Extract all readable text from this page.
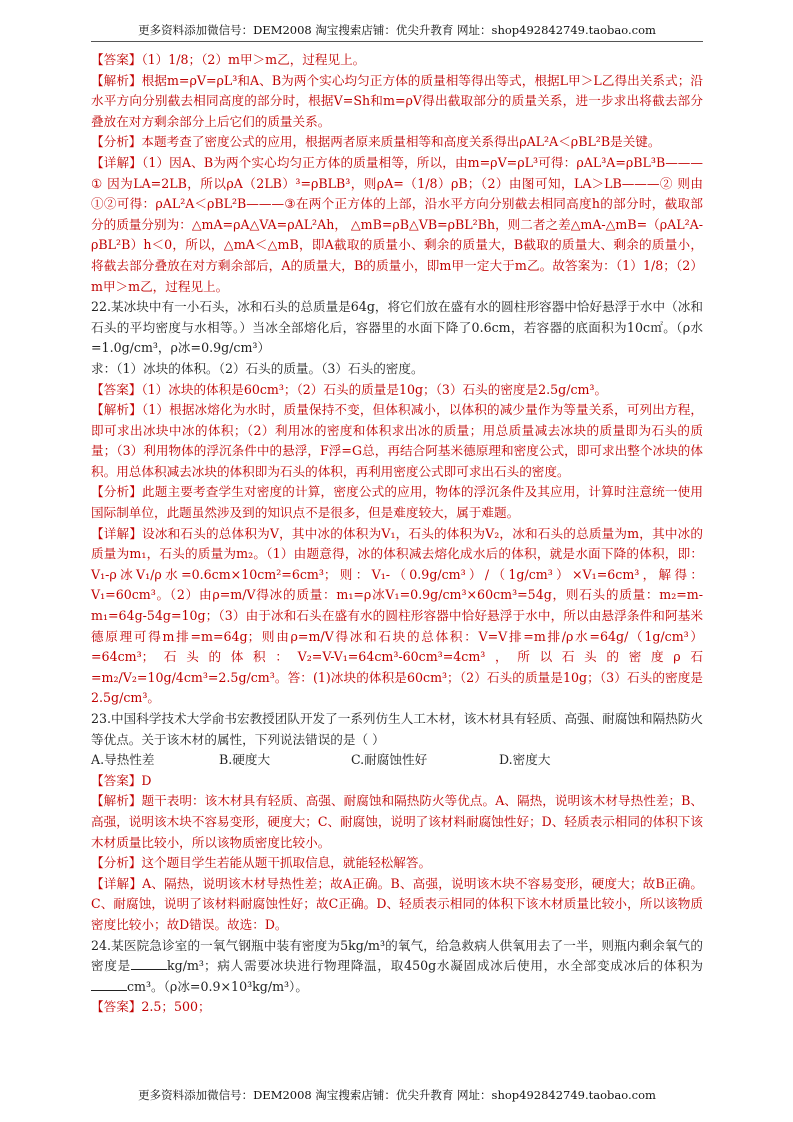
更多资料添加微信号：DEM2008 淘宝搜索店铺：优尖升教育 网址：shop492842749.taobao.com

【答案】（1）1/8；（2）m甲＞m乙，过程见上。

【解析】根据m=ρV=ρL³和A、B为两个实心均匀正方体的质量相等得出等式，根据L甲＞L乙得出关系式；沿水平方向分别截去相同高度的部分时，根据V=Sh和m=ρV得出截取部分的质量关系，进一步求出将截去部分叠放在对方剩余部分上后它们的质量关系。

【分析】本题考查了密度公式的应用，根据两者原来质量相等和高度关系得出ρAL²A＜ρBL²B是关键。

【详解】（1）因A、B为两个实心均匀正方体的质量相等，所以，由m=ρV=ρL³可得：ρAL³A=ρBL³B———① 因为LA=2LB，所以ρA（2LB）³=ρBLB³，则ρA=（1/8）ρB；（2）由图可知，LA＞LB———② 则由①②可得：ρAL²A＜ρBL²B———③在两个正方体的上部，沿水平方向分别截去相同高度h的部分时，截取部分的质量分别为：△mA=ρA△VA=ρAL²Ah， △mB=ρB△VB=ρBL²Bh，则二者之差△mA-△mB=（ρAL²A-ρBL²B）h＜0，所以，△mA＜△mB，即A截取的质量小、剩余的质量大，B截取的质量大、剩余的质量小，将截去部分叠放在对方剩余部后，A的质量大，B的质量小，即m甲一定大于m乙。故答案为：（1）1/8；（2）m甲＞m乙，过程见上。

22.某冰块中有一小石头，冰和石头的总质量是64g，将它们放在盛有水的圆柱形容器中恰好悬浮于水中（冰和石头的平均密度与水相等。）当冰全部熔化后，容器里的水面下降了0.6cm，若容器的底面积为10c㎡。（ρ水=1.0g/cm³，ρ冰=0.9g/cm³）

求：（1）冰块的体积。（2）石头的质量。（3）石头的密度。

【答案】（1）冰块的体积是60cm³；（2）石头的质量是10g；（3）石头的密度是2.5g/cm³。

【解析】（1）根据冰熔化为水时，质量保持不变，但体积减小，以体积的减少量作为等量关系，可列出方程，即可求出冰块中冰的体积；（2）利用冰的密度和体积求出冰的质量；用总质量减去冰块的质量即为石头的质量；（3）利用物体的浮沉条件中的悬浮，F浮=G总，再结合阿基米德原理和密度公式，即可求出整个冰块的体积。用总体积减去冰块的体积即为石头的体积，再利用密度公式即可求出石头的密度。

【分析】此题主要考查学生对密度的计算，密度公式的应用，物体的浮沉条件及其应用，计算时注意统一使用国际制单位，此题虽然涉及到的知识点不是很多，但是难度较大，属于难题。

【详解】设冰和石头的总体积为V，其中冰的体积为V₁，石头的体积为V₂，冰和石头的总质量为m，其中冰的质量为m₁，石头的质量为m₂。（1）由题意得，冰的体积减去熔化成水后的体积，就是水面下降的体积，即：V₁-ρ冰V₁/ρ水=0.6cm×10cm²=6cm³；则：V₁-（0.9g/cm³）/（1g/cm³）×V₁=6cm³，解得：V₁=60cm³。（2）由ρ=m/V得冰的质量：m₁=ρ冰V₁=0.9g/cm³×60cm³=54g，则石头的质量：m₂=m-m₁=64g-54g=10g；（3）由于冰和石头在盛有水的圆柱形容器中恰好悬浮于水中，所以由悬浮条件和阿基米德原理可得m排=m=64g；则由ρ=m/V得冰和石块的总体积：V=V排=m排/ρ水=64g/（1g/cm³）=64cm³；石头的体积：V₂=V-V₁=64cm³-60cm³=4cm³，所以石头的密度ρ石=m₂/V₂=10g/4cm³=2.5g/cm³。答：(1)冰块的体积是60cm³；（2）石头的质量是10g；（3）石头的密度是2.5g/cm³。

23.中国科学技术大学俞书宏教授团队开发了一系列仿生人工木材，该木材具有轻质、高强、耐腐蚀和隔热防火等优点。关于该木材的属性，下列说法错误的是（ ）

A.导热性差	B.硬度大	C.耐腐蚀性好	D.密度大

【答案】D

【解析】题干表明：该木材具有轻质、高强、耐腐蚀和隔热防火等优点。A、隔热，说明该木材导热性差；B、高强，说明该木块不容易变形，硬度大；C、耐腐蚀，说明了该材料耐腐蚀性好；D、轻质表示相同的体积下该木材质量比较小，所以该物质密度比较小。

【分析】这个题目学生若能从题干抓取信息，就能轻松解答。

【详解】A、隔热，说明该木材导热性差；故A正确。B、高强，说明该木块不容易变形，硬度大；故B正确。C、耐腐蚀，说明了该材料耐腐蚀性好；故C正确。D、轻质表示相同的体积下该木材质量比较小，所以该物质密度比较小；故D错误。故选：D。

24.某医院急诊室的一氧气钢瓶中装有密度为5kg/m³的氧气，给急救病人供氧用去了一半，则瓶内剩余氧气的密度是	kg/m³；病人需要冰块进行物理降温，取450g水凝固成冰后使用，水全部变成冰后的体积为cm³。（ρ冰=0.9×10³kg/m³）。

【答案】2.5；500；

更多资料添加微信号：DEM2008 淘宝搜索店铺：优尖升教育 网址：shop492842749.taobao.com
